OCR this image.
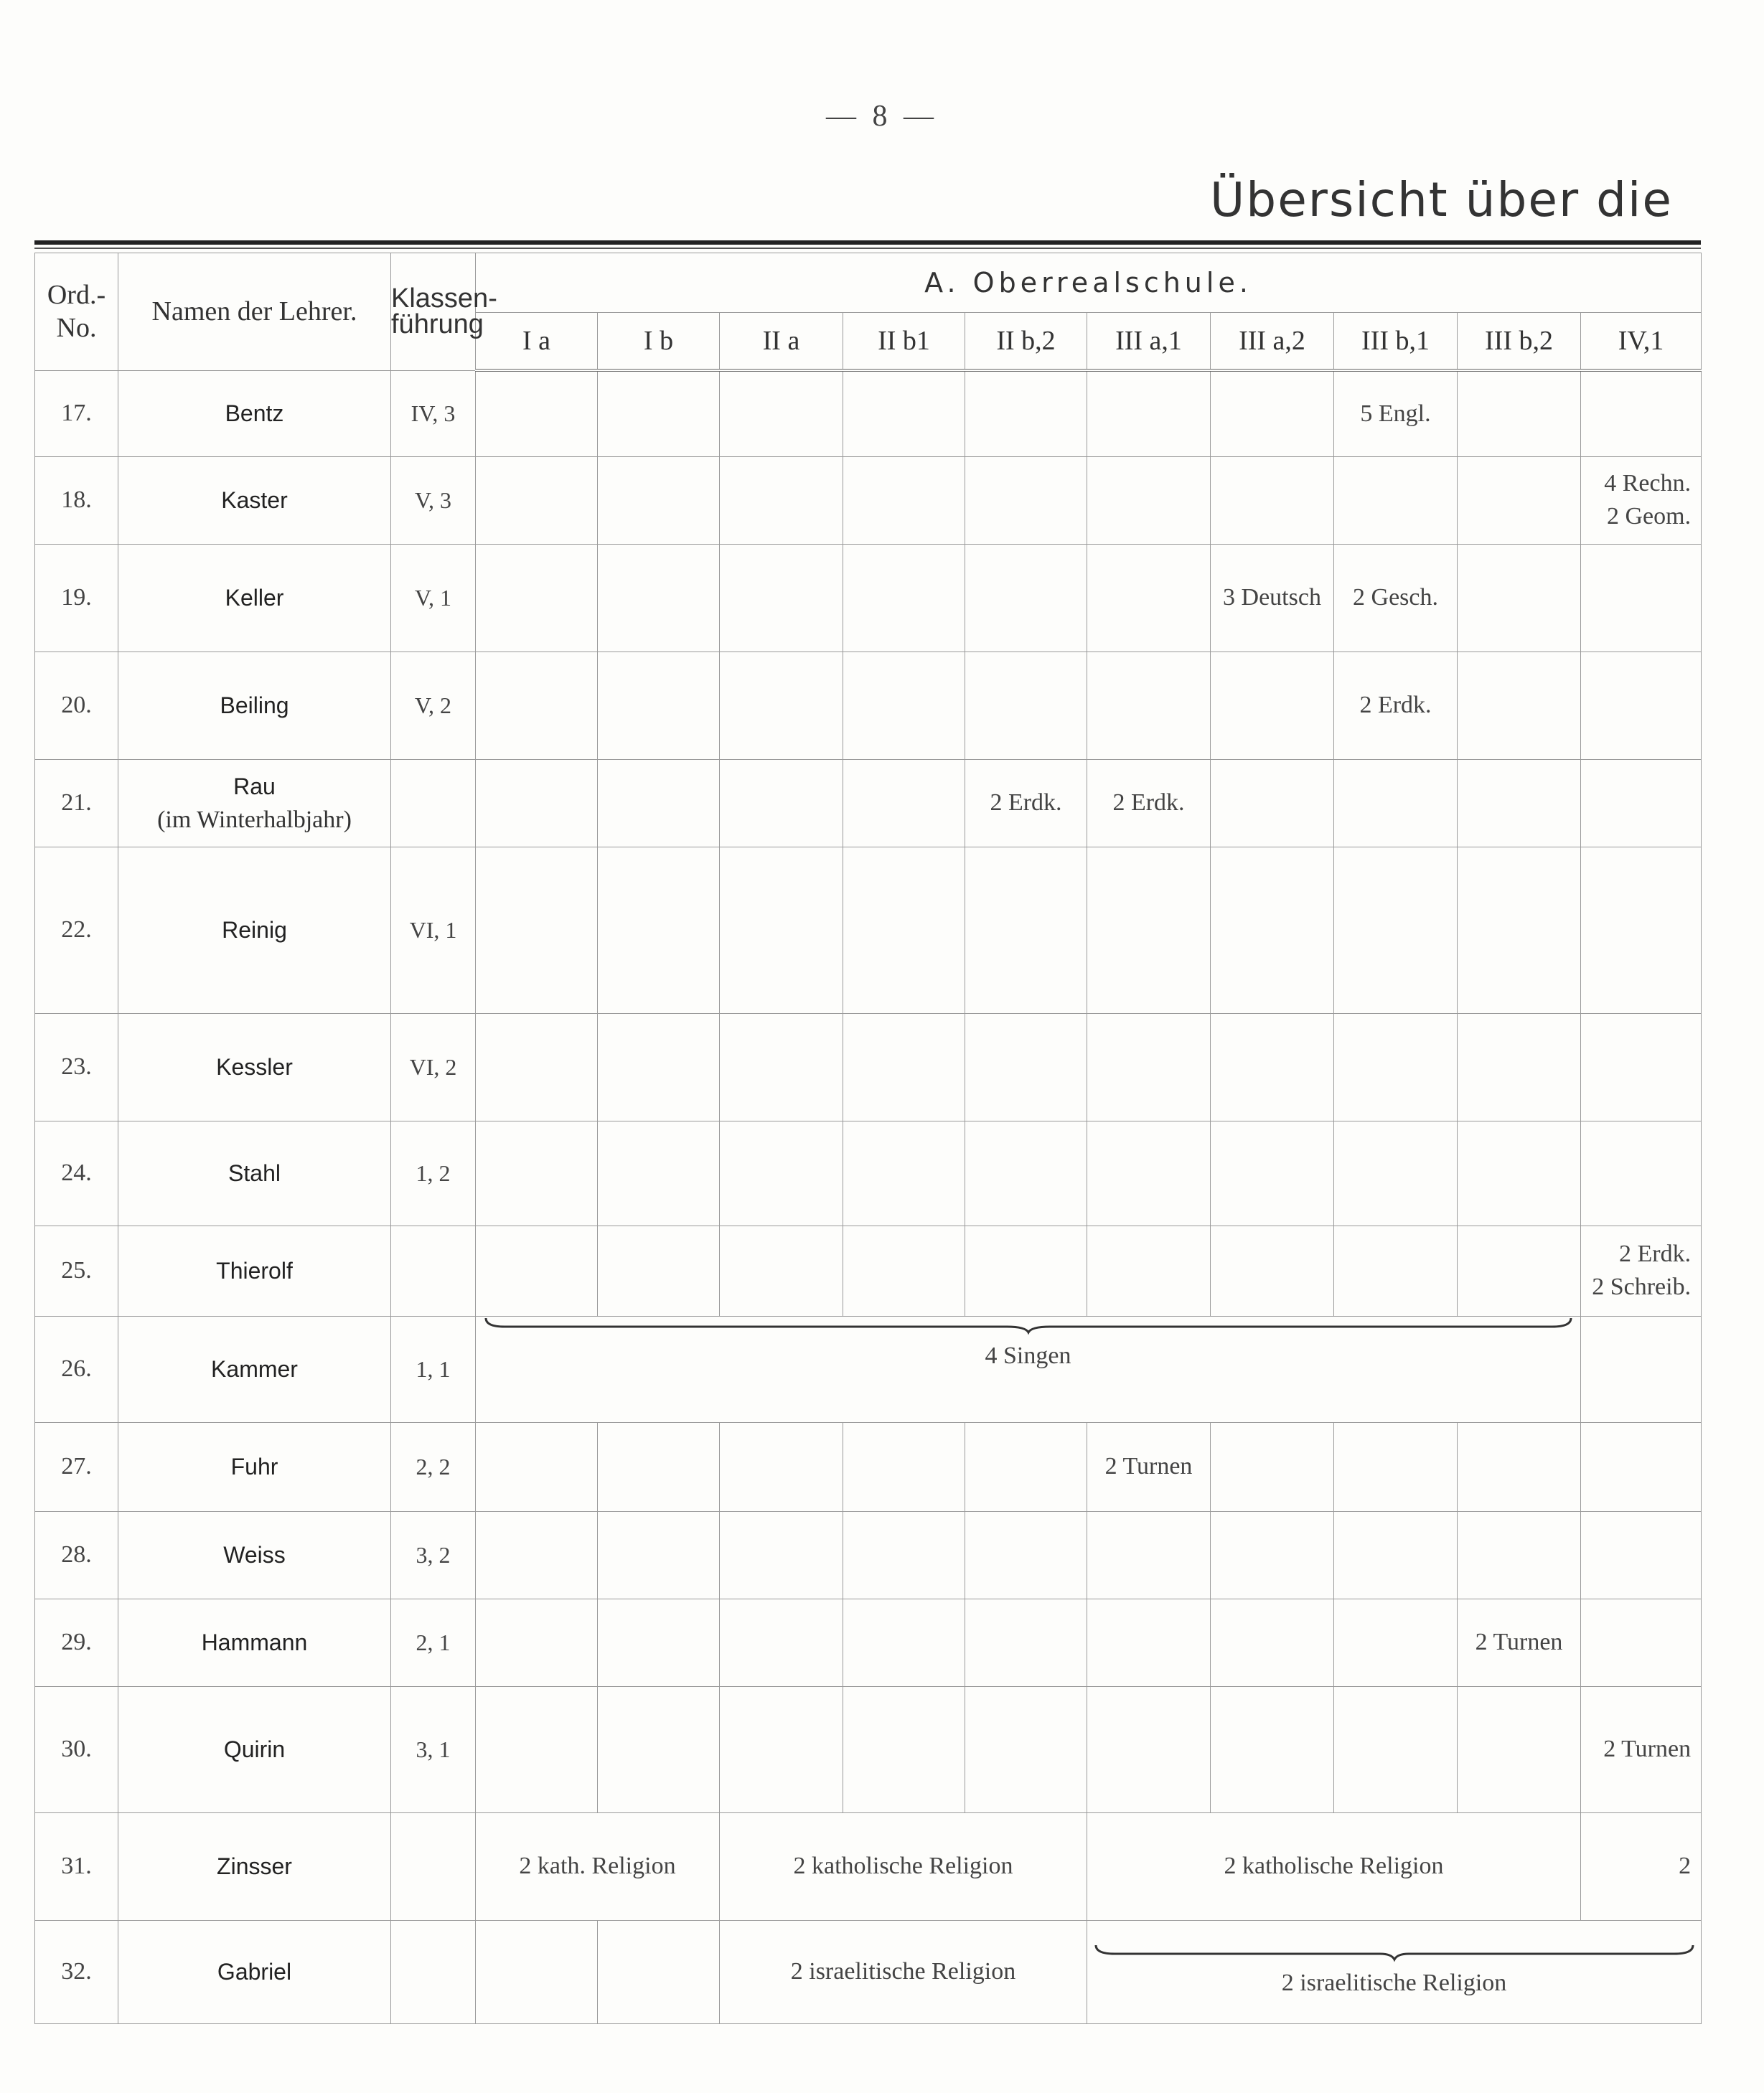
— 8 —
Übersicht über die
Ord.-
No.	Namen der Lehrer.	Klassen-
führung	A. Oberrealschule.									
			I a	I b	II a	II b1	II b,2	III a,1	III a,2	III b,1	III b,2	IV,1
17.	Bentz	IV, 3								5 Engl.		
18.	Kaster	V, 3										4 Rechn.
2 Geom.
19.	Keller	V, 1							3 Deutsch	2 Gesch.		
20.	Beiling	V, 2								2 Erdk.		
21.	Rau
(im Winterhalbjahr)						2 Erdk.	2 Erdk.				
22.	Reinig	VI, 1										
23.	Kessler	VI, 2										
24.	Stahl	1, 2										
25.	Thierolf											2 Erdk.
2 Schreib.
26.	Kammer	1, 1	4 Singen									
27.	Fuhr	2, 2						2 Turnen				
28.	Weiss	3, 2										
29.	Hammann	2, 1									2 Turnen	
30.	Quirin	3, 1										2 Turnen
31.	Zinsser		2 kath. Religion		2 katholische Religion			2 katholische Religion				2
32.	Gabriel				2 israelitische Religion			2 israelitische Religion				
